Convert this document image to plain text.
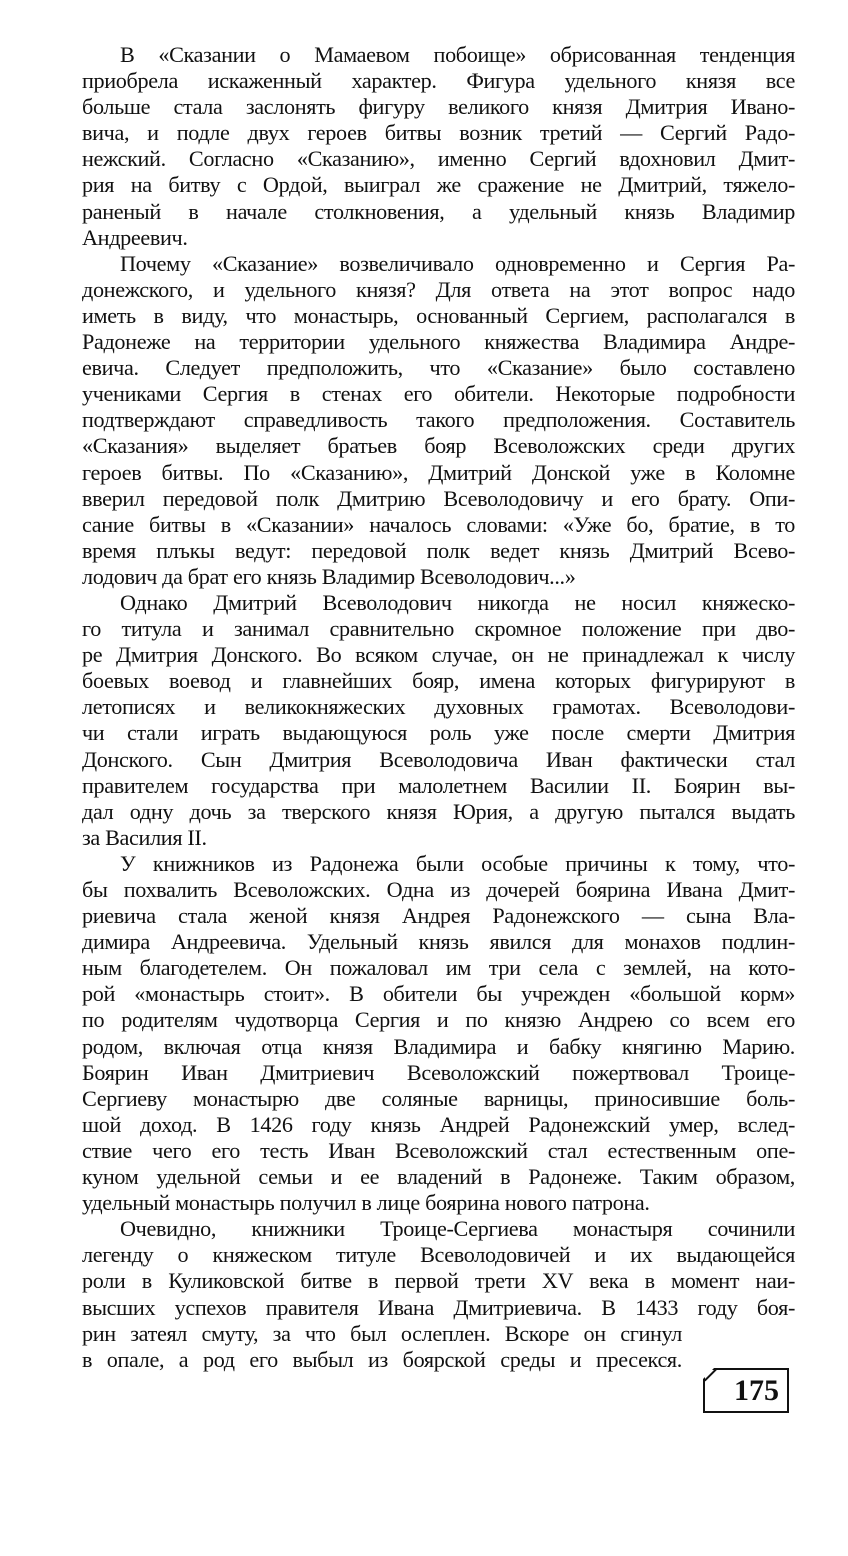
В «Сказании о Мамаевом побоище» обрисованная тенденция
приобрела искаженный характер. Фигура удельного князя все
больше стала заслонять фигуру великого князя Дмитрия Ивано-
вича, и подле двух героев битвы возник третий — Сергий Радо-
нежский. Согласно «Сказанию», именно Сергий вдохновил Дмит-
рия на битву с Ордой, выиграл же сражение не Дмитрий, тяжело-
раненый в начале столкновения, а удельный князь Владимир
Андреевич.
Почему «Сказание» возвеличивало одновременно и Сергия Ра-
донежского, и удельного князя? Для ответа на этот вопрос надо
иметь в виду, что монастырь, основанный Сергием, располагался в
Радонеже на территории удельного княжества Владимира Андре-
евича. Следует предположить, что «Сказание» было составлено
учениками Сергия в стенах его обители. Некоторые подробности
подтверждают справедливость такого предположения. Составитель
«Сказания» выделяет братьев бояр Всеволожских среди других
героев битвы. По «Сказанию», Дмитрий Донской уже в Коломне
вверил передовой полк Дмитрию Всеволодовичу и его брату. Опи-
сание битвы в «Сказании» началось словами: «Уже бо, братие, в то
время плъкы ведут: передовой полк ведет князь Дмитрий Всево-
лодович да брат его князь Владимир Всеволодович...»
Однако Дмитрий Всеволодович никогда не носил княжеско-
го титула и занимал сравнительно скромное положение при дво-
ре Дмитрия Донского. Во всяком случае, он не принадлежал к числу
боевых воевод и главнейших бояр, имена которых фигурируют в
летописях и великокняжеских духовных грамотах. Всеволодови-
чи стали играть выдающуюся роль уже после смерти Дмитрия
Донского. Сын Дмитрия Всеволодовича Иван фактически стал
правителем государства при малолетнем Василии II. Боярин вы-
дал одну дочь за тверского князя Юрия, а другую пытался выдать
за Василия II.
У книжников из Радонежа были особые причины к тому, что-
бы похвалить Всеволожских. Одна из дочерей боярина Ивана Дмит-
риевича стала женой князя Андрея Радонежского — сына Вла-
димира Андреевича. Удельный князь явился для монахов подлин-
ным благодетелем. Он пожаловал им три села с землей, на кото-
рой «монастырь стоит». В обители бы учрежден «большой корм»
по родителям чудотворца Сергия и по князю Андрею со всем его
родом, включая отца князя Владимира и бабку княгиню Марию.
Боярин Иван Дмитриевич Всеволожский пожертвовал Троице-
Сергиеву монастырю две соляные варницы, приносившие боль-
шой доход. В 1426 году князь Андрей Радонежский умер, вслед-
ствие чего его тесть Иван Всеволожский стал естественным опе-
куном удельной семьи и ее владений в Радонеже. Таким образом,
удельный монастырь получил в лице боярина нового патрона.
Очевидно, книжники Троице-Сергиева монастыря сочинили
легенду о княжеском титуле Всеволодовичей и их выдающейся
роли в Куликовской битве в первой трети XV века в момент наи-
высших успехов правителя Ивана Дмитриевича. В 1433 году боя-
рин затеял смуту, за что был ослеплен. Вскоре он сгинул
в опале, а род его выбыл из боярской среды и пресекся.
175
